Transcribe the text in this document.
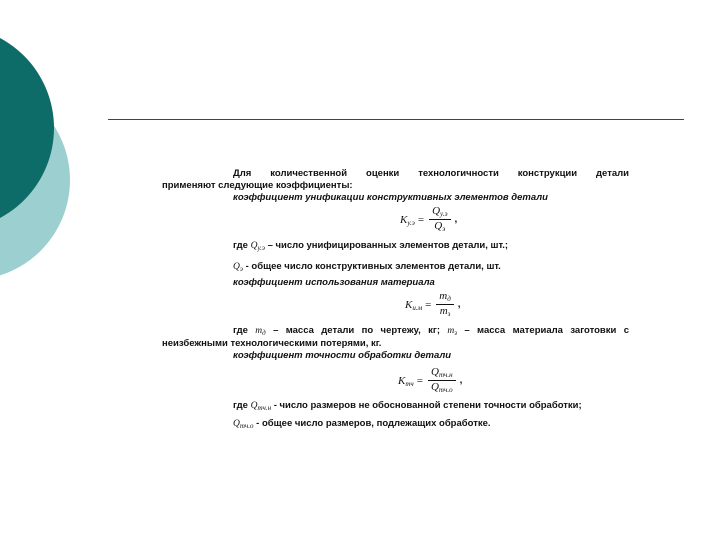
Для количественной оценки технологичности конструкции детали
применяют следующие коэффициенты:
коэффициент унификации конструктивных элементов детали
$Kу.э = \frac{Qу.э}{Qэ}$ ,
где $Q_{у.э}$ – число унифицированных элементов детали, шт.;
$Q_э$ - общее число конструктивных элементов детали, шт.
коэффициент использования материала
$Kи.м = \frac{mд}{mз}$ ,
где $m_д$ – масса детали по чертежу, кг; $m_з$ – масса материала заготовки с
неизбежными технологическими потерями, кг.
коэффициент точности обработки детали
Kтч = $\frac{\text{Qтч.н}}{\text{Qтч.о}}$ ,
где $Q_{тч.н}$ - число размеров не обоснованной степени точности обработки;
$Q_{тч.о}$ - общее число размеров, подлежащих обработке.
